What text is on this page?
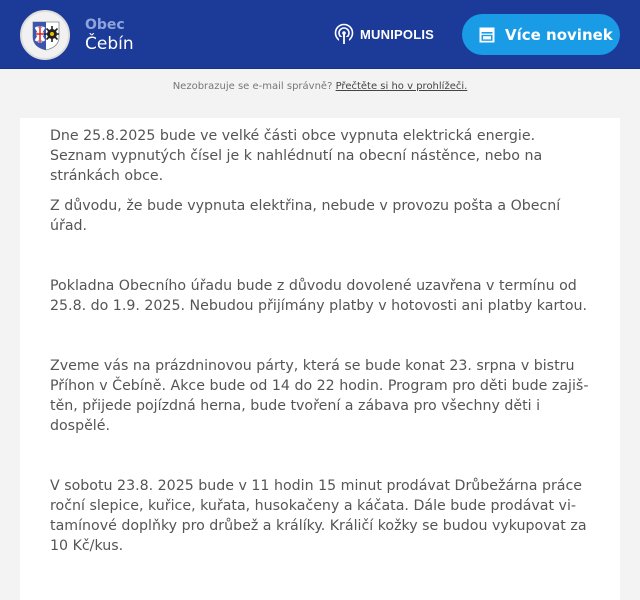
Obec
Čebín	MUNIPOLIS	Více novinek
Nezobrazuje se e-mail správně? Přečtěte si ho v prohlížeči.

Dne 25.8.2025 bude ve velké části obce vypnuta elektrická energie. Seznam vypnutých čísel je k nahlédnutí na obecní nástěnce, nebo na stránkách obce.

Z důvodu, že bude vypnuta elektřina, nebude v provozu pošta a Obecní úřad.

Pokladna Obecního úřadu bude z důvodu dovolené uzavřena v termínu od 25.8. do 1.9. 2025. Nebudou přijímány platby v hotovosti ani platby kartou.

Zveme vás na prázdninovou párty, která se bude konat 23. srpna v bistru Příhon v Čebíně. Akce bude od 14 do 22 hodin. Program pro děti bude zajištěn, přijede pojízdná herna, bude tvoření a zábava pro všechny děti i dospělé.

V sobotu 23.8. 2025 bude v 11 hodin 15 minut prodávat Drůbežárna práce roční slepice, kuřice, kuřata, husokačeny a káčata. Dále bude prodávat vitamínové doplňky pro drůbež a králíky. Králičí kožky se budou vykupovat za 10 Kč/kus.
